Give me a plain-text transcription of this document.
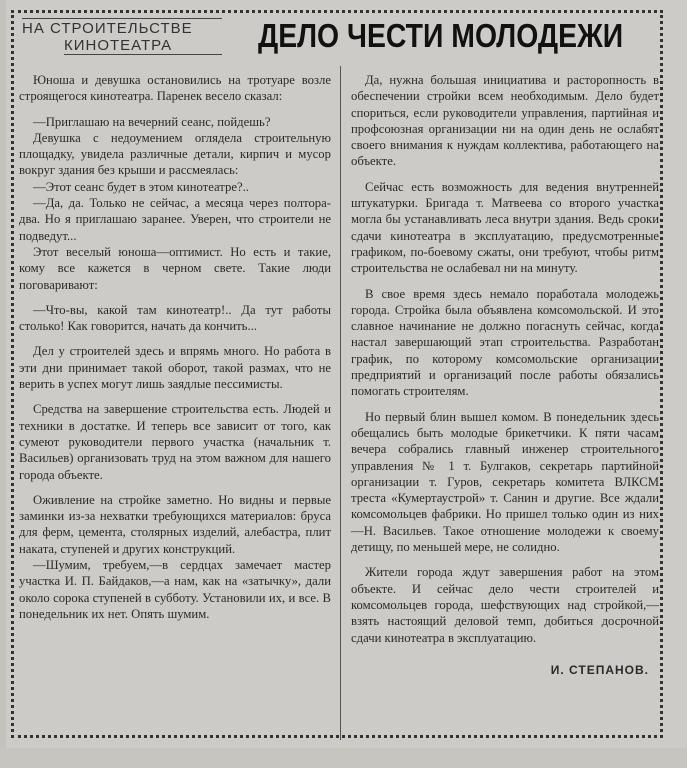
НА СТРОИТЕЛЬСТВЕ
КИНОТЕАТРА	ДЕЛО ЧЕСТИ МОЛОДЕЖИ

Юноша и девушка остановились на тротуаре возле строящегося кинотеатра. Паренек весело сказал:

—Приглашаю на вечерний сеанс, пойдешь?

Девушка с недоумением оглядела строительную площадку, увидела различные детали, кирпич и мусор вокруг здания без крыши и рассмеялась:

—Этот сеанс будет в этом кинотеатре?..

—Да, да. Только не сейчас, а месяца через полтора-два. Но я приглашаю заранее. Уверен, что строители не подведут...

Этот веселый юноша—оптимист. Но есть и такие, кому все кажется в черном свете. Такие люди поговаривают:

—Что-вы, какой там кинотеатр!.. Да тут работы столько! Как говорится, начать да кончить...

Дел у строителей здесь и впрямь много. Но работа в эти дни принимает такой оборот, такой размах, что не верить в успех могут лишь заядлые пессимисты.

Средства на завершение строительства есть. Людей и техники в достатке. И теперь все зависит от того, как сумеют руководители первого участка (начальник т. Васильев) организовать труд на этом важном для нашего города объекте.

Оживление на стройке заметно. Но видны и первые заминки из-за нехватки требующихся материалов: бруса для ферм, цемента, столярных изделий, алебастра, плит наката, ступеней и других конструкций.

—Шумим, требуем,—в сердцах замечает мастер участка И. П. Байдаков,—а нам, как на «затычку», дали около сорока ступеней в субботу. Установили их, и все. В понедельник их нет. Опять шумим.

Да, нужна большая инициатива и расторопность в обеспечении стройки всем необходимым. Дело будет спориться, если руководители управления, партийная и профсоюзная организации ни на один день не ослабят своего внимания к нуждам коллектива, работающего на объекте.

Сейчас есть возможность для ведения внутренней штукатурки. Бригада т. Матвеева со второго участка могла бы устанавливать леса внутри здания. Ведь сроки сдачи кинотеатра в эксплуатацию, предусмотренные графиком, по-боевому сжаты, они требуют, чтобы ритм строительства не ослабевал ни на минуту.

В свое время здесь немало поработала молодежь города. Стройка была объявлена комсомольской. И это славное начинание не должно погаснуть сейчас, когда настал завершающий этап строительства. Разработан график, по которому комсомольские организации предприятий и организаций после работы обязались помогать строителям.

Но первый блин вышел комом. В понедельник здесь обещались быть молодые брикетчики. К пяти часам вечера собрались главный инженер строительного управления № 1 т. Булгаков, секретарь партийной организации т. Гуров, секретарь комитета ВЛКСМ треста «Кумертаустрой» т. Санин и другие. Все ждали комсомольцев фабрики. Но пришел только один из них—Н. Васильев. Такое отношение молодежи к своему детищу, по меньшей мере, не солидно.

Жители города ждут завершения работ на этом объекте. И сейчас дело чести строителей и комсомольцев города, шефствующих над стройкой,—взять настоящий деловой темп, добиться досрочной сдачи кинотеатра в эксплуатацию.

И. СТЕПАНОВ.
